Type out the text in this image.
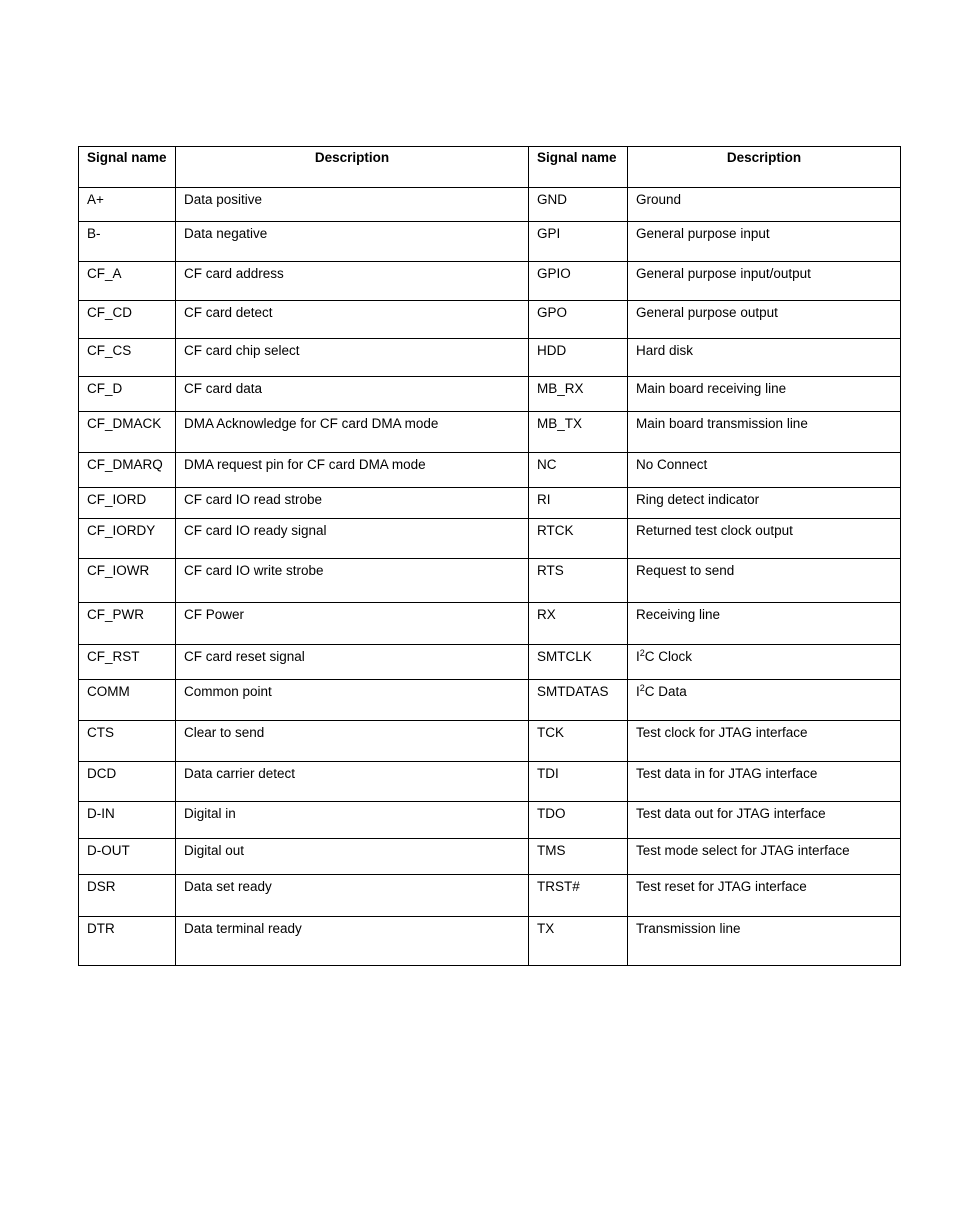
Signal name	Description	Signal name	Description
A+	Data positive	GND	Ground
B-	Data negative	GPI	General purpose input
CF_A	CF card address	GPIO	General purpose input/output
CF_CD	CF card detect	GPO	General purpose output
CF_CS	CF card chip select	HDD	Hard disk
CF_D	CF card data	MB_RX	Main board receiving line
CF_DMACK	DMA Acknowledge for CF card DMA mode	MB_TX	Main board transmission line
CF_DMARQ	DMA request pin for CF card DMA mode	NC	No Connect
CF_IORD	CF card IO read strobe	RI	Ring detect indicator
CF_IORDY	CF card IO ready signal	RTCK	Returned test clock output
CF_IOWR	CF card IO write strobe	RTS	Request to send
CF_PWR	CF Power	RX	Receiving line
CF_RST	CF card reset signal	SMTCLK	$I^2C$ Clock
COMM	Common point	SMTDATAS	$I^2C$ Data
CTS	Clear to send	TCK	Test clock for JTAG interface
DCD	Data carrier detect	TDI	Test data in for JTAG interface
D-IN	Digital in	TDO	Test data out for JTAG interface
D-OUT	Digital out	TMS	Test mode select for JTAG interface
DSR	Data set ready	TRST#	Test reset for JTAG interface
DTR	Data terminal ready	TX	Transmission line
